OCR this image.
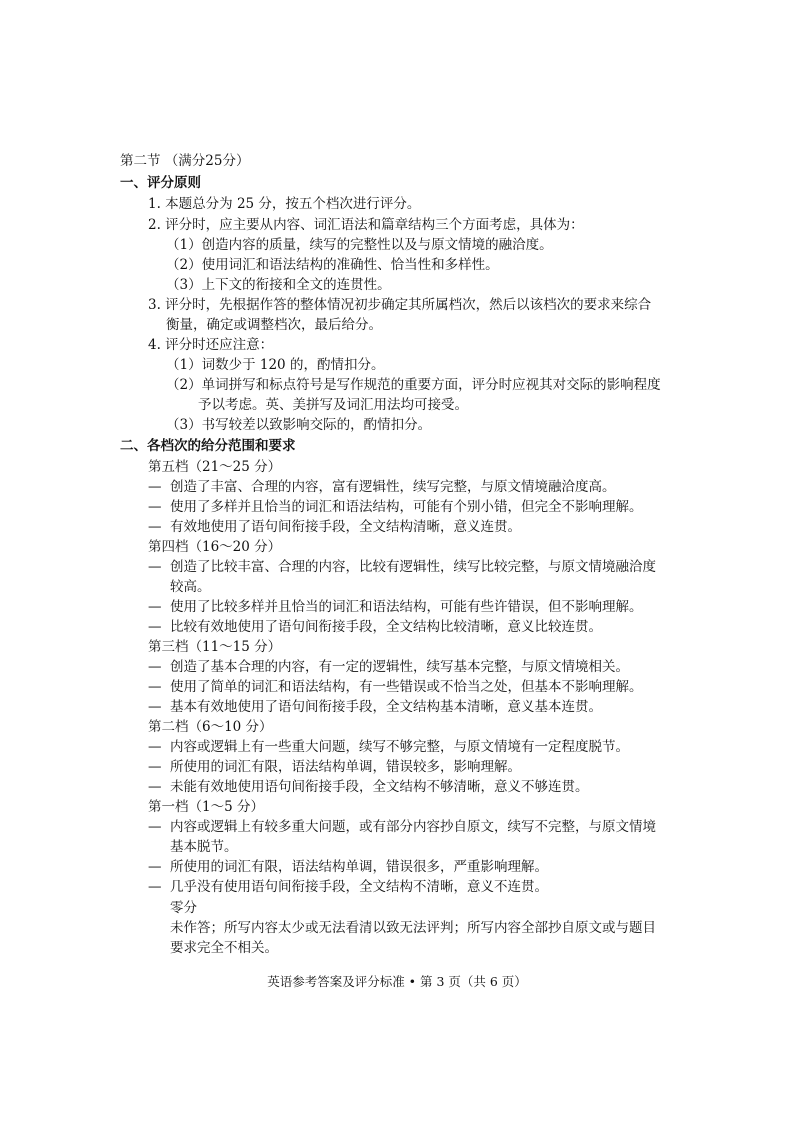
第二节 （满分25分）
一、评分原则
1. 本题总分为 25 分，按五个档次进行评分。
2. 评分时，应主要从内容、词汇语法和篇章结构三个方面考虑，具体为：
（1）创造内容的质量，续写的完整性以及与原文情境的融洽度。
（2）使用词汇和语法结构的准确性、恰当性和多样性。
（3）上下文的衔接和全文的连贯性。
3. 评分时，先根据作答的整体情况初步确定其所属档次，然后以该档次的要求来综合
衡量，确定或调整档次，最后给分。
4. 评分时还应注意：
（1）词数少于 120 的，酌情扣分。
（2）单词拼写和标点符号是写作规范的重要方面，评分时应视其对交际的影响程度
予以考虑。英、美拼写及词汇用法均可接受。
（3）书写较差以致影响交际的，酌情扣分。
二、各档次的给分范围和要求
第五档（21～25 分）
— 创造了丰富、合理的内容，富有逻辑性，续写完整，与原文情境融洽度高。
— 使用了多样并且恰当的词汇和语法结构，可能有个别小错，但完全不影响理解。
— 有效地使用了语句间衔接手段，全文结构清晰，意义连贯。
第四档（16～20 分）
— 创造了比较丰富、合理的内容，比较有逻辑性，续写比较完整，与原文情境融洽度
较高。
— 使用了比较多样并且恰当的词汇和语法结构，可能有些许错误，但不影响理解。
— 比较有效地使用了语句间衔接手段，全文结构比较清晰，意义比较连贯。
第三档（11～15 分）
— 创造了基本合理的内容，有一定的逻辑性，续写基本完整，与原文情境相关。
— 使用了简单的词汇和语法结构，有一些错误或不恰当之处，但基本不影响理解。
— 基本有效地使用了语句间衔接手段，全文结构基本清晰，意义基本连贯。
第二档（6～10 分）
— 内容或逻辑上有一些重大问题，续写不够完整，与原文情境有一定程度脱节。
— 所使用的词汇有限，语法结构单调，错误较多，影响理解。
— 未能有效地使用语句间衔接手段，全文结构不够清晰，意义不够连贯。
第一档（1～5 分）
— 内容或逻辑上有较多重大问题，或有部分内容抄自原文，续写不完整，与原文情境
基本脱节。
— 所使用的词汇有限，语法结构单调，错误很多，严重影响理解。
— 几乎没有使用语句间衔接手段，全文结构不清晰，意义不连贯。
零分
未作答；所写内容太少或无法看清以致无法评判；所写内容全部抄自原文或与题目
要求完全不相关。
英语参考答案及评分标准 • 第 3 页（共 6 页）
